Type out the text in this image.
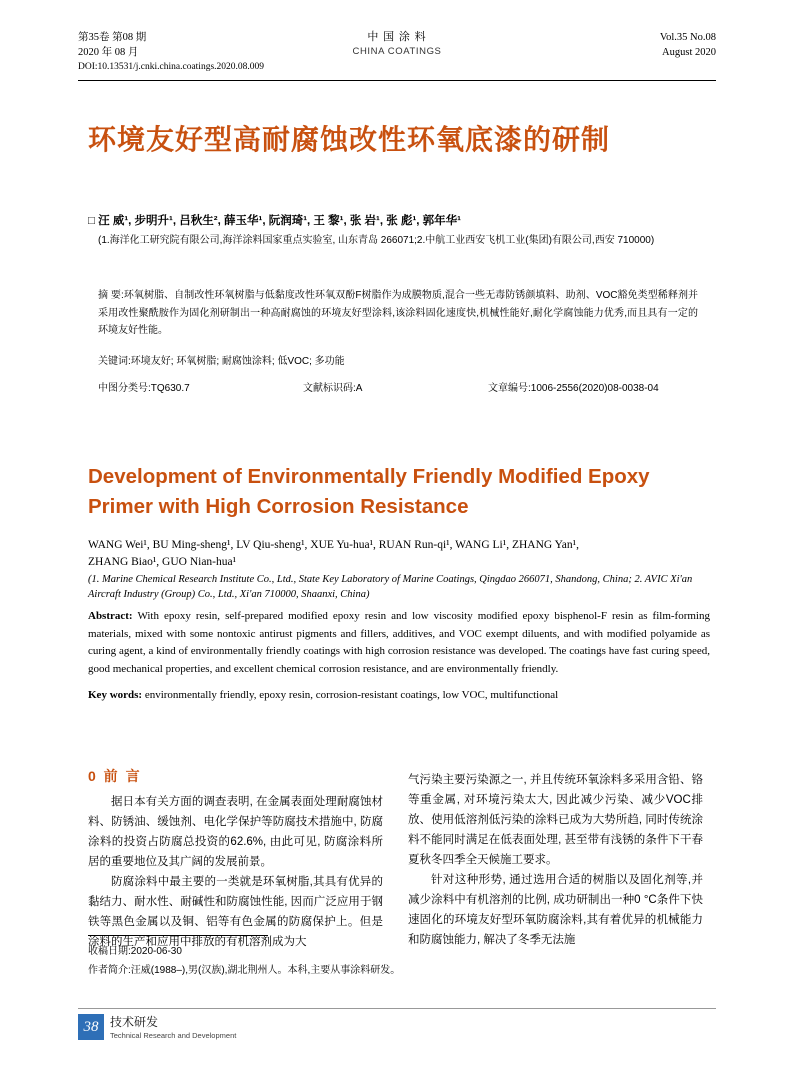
第35卷 第08 期
2020 年 08 月
中 国 涂 料
CHINA COATINGS
Vol.35 No.08
August 2020
DOI:10.13531/j.cnki.china.coatings.2020.08.009
环境友好型高耐腐蚀改性环氧底漆的研制
□ 汪 威¹, 步明升¹, 吕秋生², 薛玉华¹, 阮润琦¹, 王 黎¹, 张 岩¹, 张 彪¹, 郭年华¹
(1.海洋化工研究院有限公司,海洋涂料国家重点实验室, 山东青岛 266071;2.中航工业西安飞机工业(集团)有限公司,西安 710000)
摘 要:环氧树脂、自制改性环氧树脂与低黏度改性环氧双酚F树脂作为成膜物质,混合一些无毒防锈颜填料、助剂、VOC豁免类型稀释剂并采用改性聚酰胺作为固化剂研制出一种高耐腐蚀的环境友好型涂料,该涂料固化速度快,机械性能好,耐化学腐蚀能力优秀,而且具有一定的环境友好性能。
关键词:环境友好; 环氧树脂; 耐腐蚀涂料; 低VOC; 多功能
中图分类号:TQ630.7	文献标识码:A	文章编号:1006-2556(2020)08-0038-04
Development of Environmentally Friendly Modified Epoxy Primer with High Corrosion Resistance
WANG Wei¹, BU Ming-sheng¹, LV Qiu-sheng¹, XUE Yu-hua¹, RUAN Run-qi¹, WANG Li¹, ZHANG Yan¹,
ZHANG Biao¹, GUO Nian-hua¹
(1. Marine Chemical Research Institute Co., Ltd., State Key Laboratory of Marine Coatings, Qingdao 266071, Shandong, China; 2. AVIC Xi'an Aircraft Industry (Group) Co., Ltd., Xi'an 710000, Shaanxi, China)
Abstract: With epoxy resin, self-prepared modified epoxy resin and low viscosity modified epoxy bisphenol-F resin as film-forming materials, mixed with some nontoxic antirust pigments and fillers, additives, and VOC exempt diluents, and with modified polyamide as curing agent, a kind of environmentally friendly coatings with high corrosion resistance was developed. The coatings have fast curing speed, good mechanical properties, and excellent chemical corrosion resistance, and are environmentally friendly.
Key words: environmentally friendly, epoxy resin, corrosion-resistant coatings, low VOC, multifunctional
0 前 言

据日本有关方面的调查表明, 在金属表面处理耐腐蚀材料、防锈油、缓蚀剂、电化学保护等防腐技术措施中, 防腐涂料的投资占防腐总投资的62.6%, 由此可见, 防腐涂料所居的重要地位及其广阔的发展前景。

防腐涂料中最主要的一类就是环氧树脂,其具有优异的黏结力、耐水性、耐碱性和防腐蚀性能, 因而广泛应用于钢铁等黑色金属以及铜、铝等有色金属的防腐保护上。但是涂料的生产和应用中排放的有机溶剂成为大

气污染主要污染源之一, 并且传统环氧涂料多采用含铅、铬等重金属, 对环境污染太大, 因此减少污染、减少VOC排放、使用低溶剂低污染的涂料已成为大势所趋, 同时传统涂料不能同时满足在低表面处理, 甚至带有浅锈的条件下干春夏秋冬四季全天候施工要求。

针对这种形势, 通过选用合适的树脂以及固化剂等,并减少涂料中有机溶剂的比例, 成功研制出一种0 °C条件下快速固化的环境友好型环氧防腐涂料,其有着优异的机械能力和防腐蚀能力, 解决了冬季无法施

收稿日期:2020-06-30
作者简介:汪威(1988–),男(汉族),湖北荆州人。本科,主要从事涂料研发。
38 技术研发
Technical Research and Development
